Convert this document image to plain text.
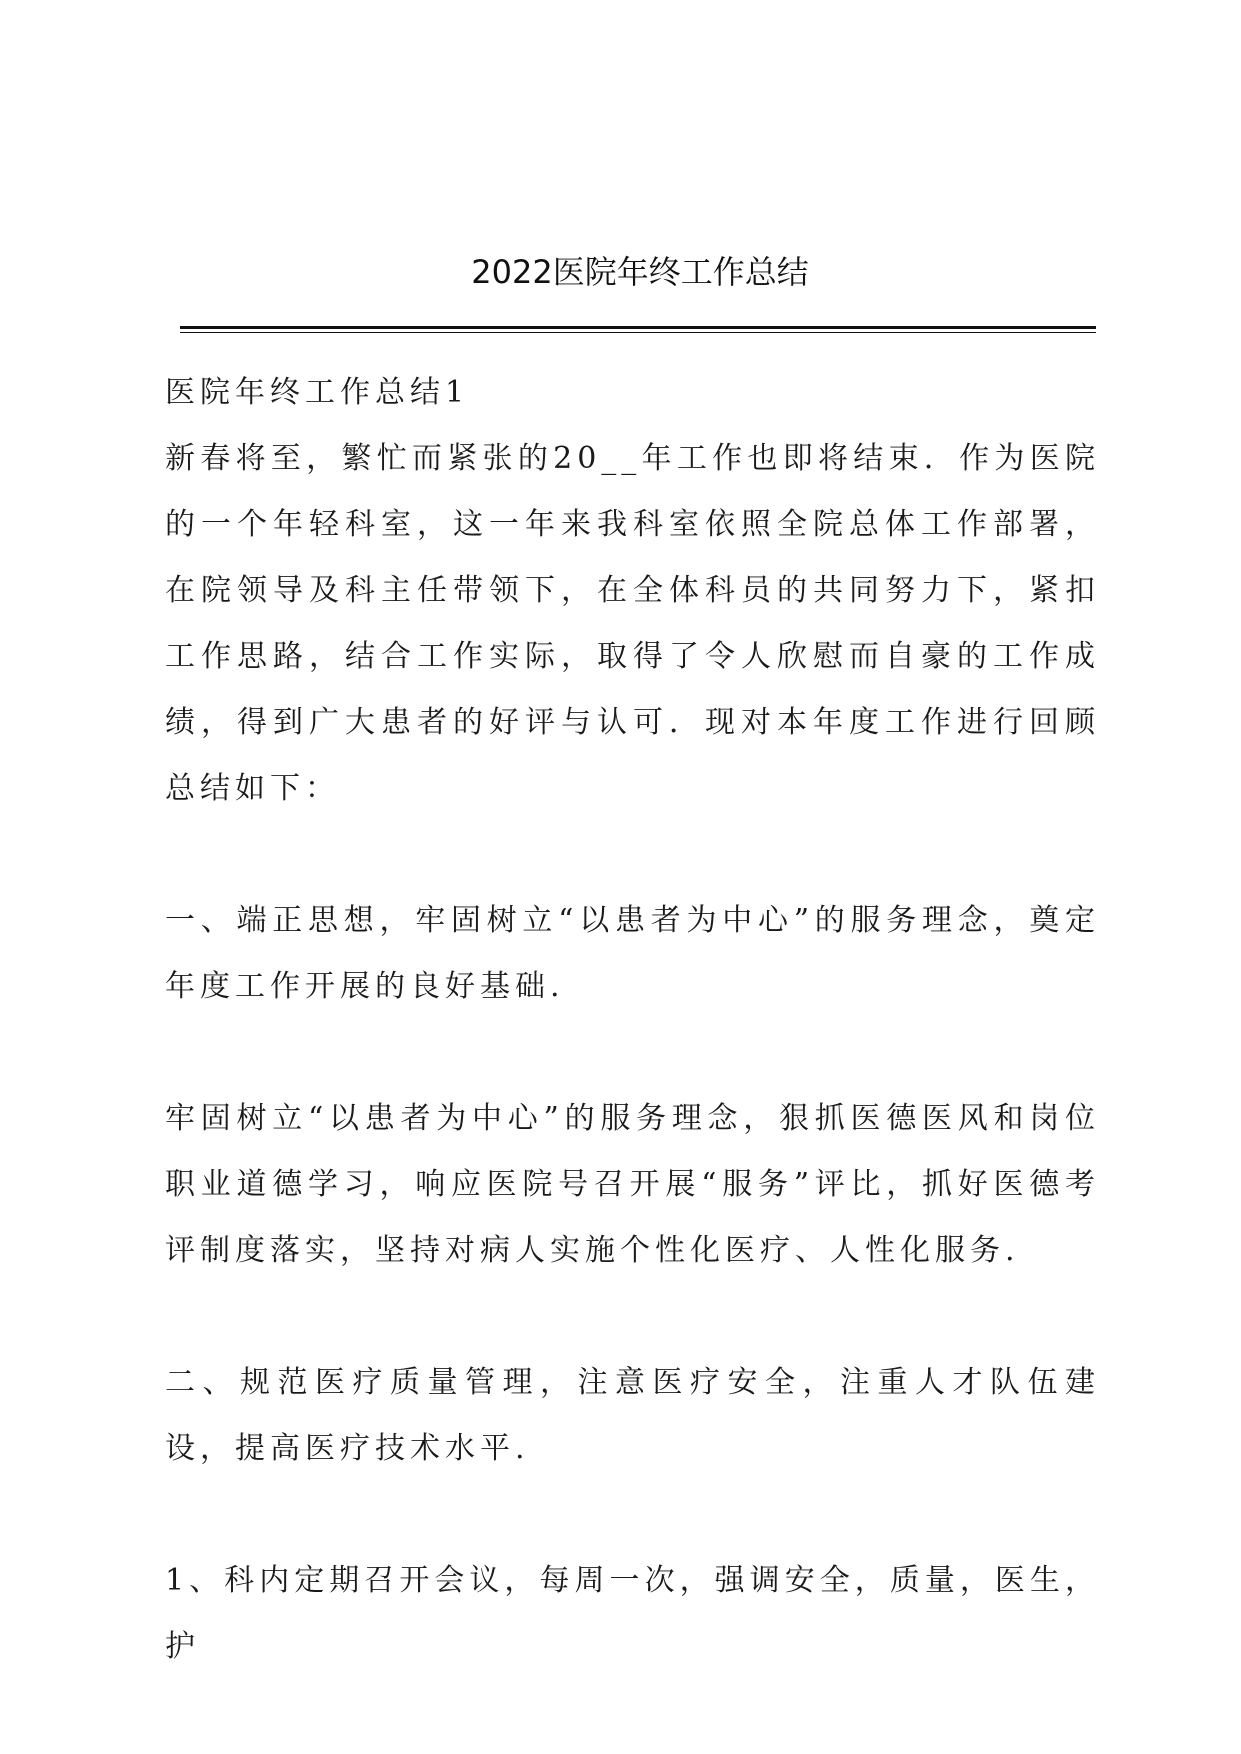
2022医院年终工作总结

医院年终工作总结1

新春将至，繁忙而紧张的20__年工作也即将结束．作为医院的一个年轻科室，这一年来我科室依照全院总体工作部署，在院领导及科主任带领下，在全体科员的共同努力下，紧扣工作思路，结合工作实际，取得了令人欣慰而自豪的工作成绩，得到广大患者的好评与认可．现对本年度工作进行回顾总结如下：

一、端正思想，牢固树立“以患者为中心”的服务理念，奠定年度工作开展的良好基础.

牢固树立“以患者为中心”的服务理念，狠抓医德医风和岗位职业道德学习，响应医院号召开展“服务”评比，抓好医德考评制度落实，坚持对病人实施个性化医疗、人性化服务.

二、规范医疗质量管理，注意医疗安全，注重人才队伍建设，提高医疗技术水平.

1、科内定期召开会议，每周一次，强调安全，质量，医生，护
